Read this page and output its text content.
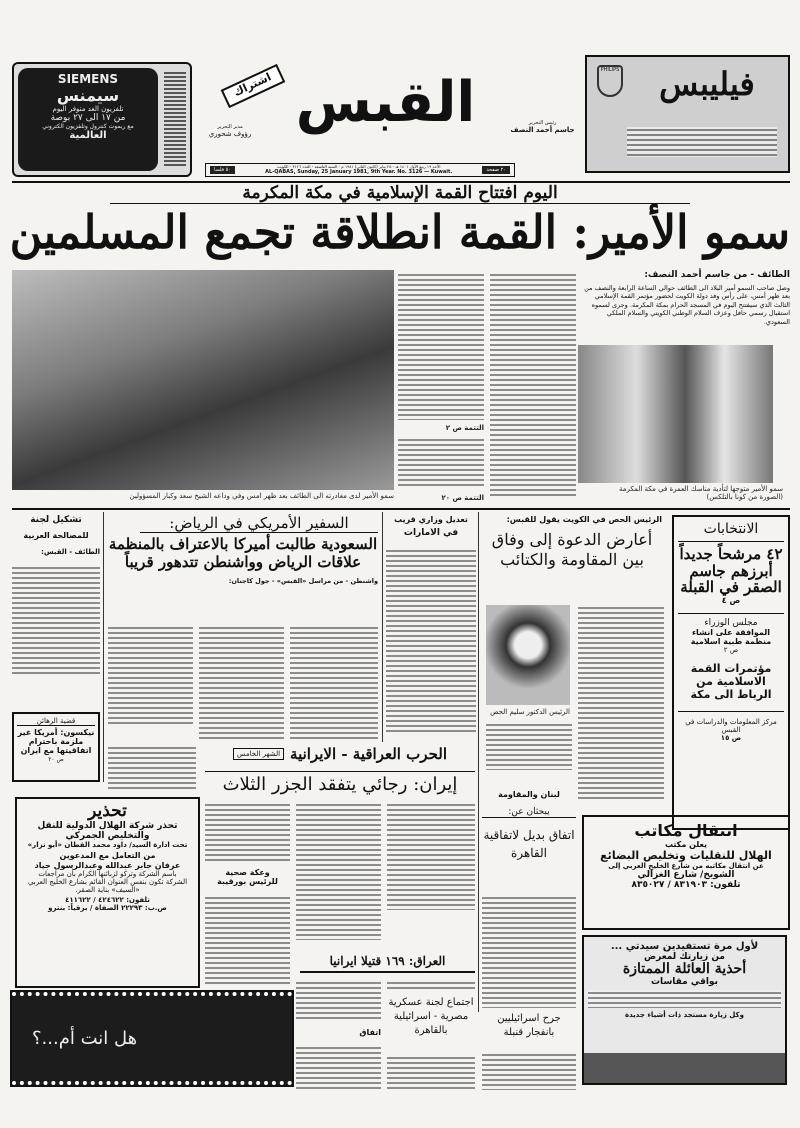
SIEMENS
سيمنس
تلفزيون الغد متوفر اليوم
من ١٧ الى ٢٧ بوصة
مع ريموت كنترول وتلفزيون الكتروني
العالمية
PHILIPS	فيليبس
اشتراك القبس
مدير التحرير
رؤوف شحوري
رئيس التحرير
جاسم أحمد النصف
٥٠ فلسا
الأحد ١٩ ربيع الأول ١٤٠١ هـ - ٢٥ يناير (كانون الثاني) ١٩٨١ م - السنة التاسعة - العدد ٣١٢٦ - الكويت
AL-QABAS, Sunday, 25 January 1981, 9th Year. No. 3126 — Kuwait.	٢٠ صفحة
اليوم افتتاح القمة الإسلامية في مكة المكرمة
سمو الأمير: القمة انطلاقة تجمع المسلمين
سمو الأمير لدى مغادرته الى الطائف بعد ظهر امس وفي وداعه الشيخ سعد وكبار المسؤولين
التتمة ص ٢
التتمة ص ٢٠
الطائف - من جاسم أحمد النصف:
وصل صاحب السمو أمير البلاد الى الطائف حوالي الساعة الرابعة والنصف من بعد ظهر أمس، على رأس وفد دولة الكويت لحضور مؤتمر القمة الإسلامي الثالث الذي سيفتتح اليوم في المسجد الحرام بمكة المكرمة. وجرى لسموه استقبال رسمي حافل وعزف السلام الوطني الكويتي والسلام الملكي السعودي.
سمو الأمير متوجها لتأدية مناسك العمرة في مكة المكرمة
(الصورة من كونا بالتلكس)
تشكيل لجنة
للمصالحة العربية
الطائف - القبس:
السفير الأمريكي في الرياض:
السعودية طالبت أميركا بالاعتراف بالمنظمة
علاقات الرياض وواشنطن تتدهور قريباً
واشنطن - من مراسل «القبس» - جول كاجنان:
تعديل وزاري قريب
في الامارات
الرئيس الحص في الكويت يقول للقبس:
أعارض الدعوة إلى وفاق بين المقاومة والكتائب
الرئيس الدكتور سليم الحص
الانتخابات
٤٢ مرشحاً جديداً أبرزهم جاسم الصقر في القبلة
ص ٤
مجلس الوزراء
الموافقة على انشاء منظمة طبية اسلامية
ص ٢
مؤتمرات القمة الاسلامية من الرباط الى مكة
مركز المعلومات والدراسات في القبس
ص ١٥
قضية الرهائن
نيكسون: أمريكا غير ملزمة باحترام اتفاقيتها مع ايران
ص ٢٠	الحرب العراقية - الايرانية
الشهر الخامس
إيران: رجائي يتفقد الجزر الثلاث
وعكة صحية
للرئيس بورقيبة
تحذير
تحذر شركة الهلال الدولية للنقل
والتخليص الجمركي
تحت ادارة السيد/ داود محمد القطان «أبو نزار»
من التعامل مع المدعوين
عرفان جابر عبدالله وعبدالرسول جياد
باسم الشركة وتركو لزبائنها الكرام بأن مراجعات
الشركة تكون بنفس العنوان القائم بشارع الخليج العربي
«السيف» بناية الصقر.
تلفون: ٤٢٤٦٢٢ / ٤١١٦٢٢
ص.ب: ٢٢٢٩٣ الصفاة / برقياً: بنترو
هل انت أم...؟
العراق: ١٦٩ قتيلا ايرانيا
اتفاق
اجتماع لجنة عسكرية مصرية - اسرائيلية بالقاهرة
لبنان والمقاومة
يبحثان عن:
اتفاق بديل لاتفاقية القاهرة
جرح اسرائيليين بانفجار قنبلة
انتقال مكاتب
يعلن مكتب
الهلال للنقليات وتخليص البضائع
عن انتقال مكاتبه من شارع الخليج العربي إلى
الشويخ/ شارع الغزالي
تلفون: ٨٣١٩٠٣ / ٨٣٥٠٢٧
لأول مرة تستفيدين سيدتي ...
من زيارتك لمعرض
أحذية العائلة الممتازة
بواقي مقاسات
وكل زيارة مستجد ذات أشياء جديدة
